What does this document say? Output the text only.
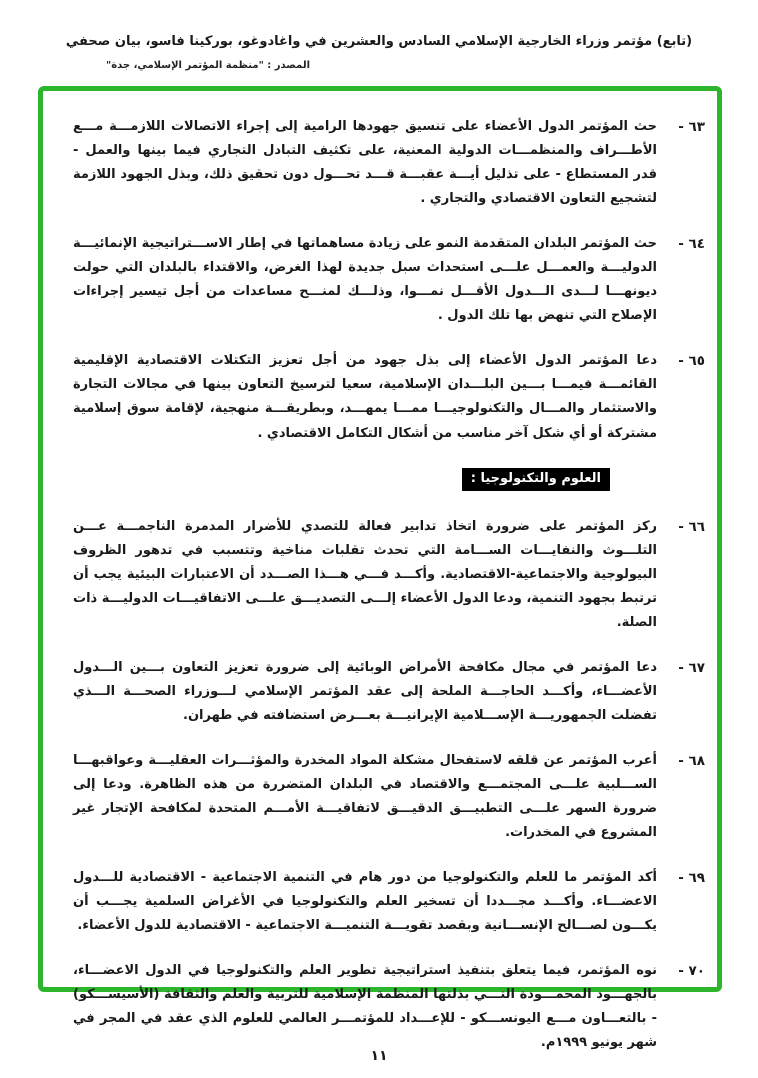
(تابع) مؤتمر وزراء الخارجية الإسلامي السادس والعشرين في واغادوغو، بوركينا فاسو، بيان صحفي
المصدر : "منظمة المؤتمر الإسلامي، جدة"
٦٣ -
حث المؤتمر الدول الأعضاء على تنسيق جهودها الرامية إلى إجراء الاتصالات اللازمـــة مـــع الأطـــراف والمنظمـــات الدولية المعنية، على تكثيف التبادل التجاري فيما بينها والعمل - قدر المستطاع - على تذليل أيـــة عقبـــة قـــد تحـــول دون تحقيق ذلك، وبذل الجهود اللازمة لتشجيع التعاون الاقتصادي والتجاري .
٦٤ -
حث المؤتمر البلدان المتقدمة النمو على زيادة مساهماتها في إطار الاســـتراتيجية الإنمائيـــة الدوليـــة والعمـــل علـــى استحداث سبل جديدة لهذا الغرض، والاقتداء بالبلدان التي حولت ديونهـــا لـــدى الـــدول الأقـــل نمـــوا، وذلـــك لمنـــح مساعدات من أجل تيسير إجراءات الإصلاح التي تنهض بها تلك الدول .
٦٥ -
دعا المؤتمر الدول الأعضاء إلى بذل جهود من أجل تعزيز التكتلات الاقتصادية الإقليمية القائمـــة فيمـــا بـــين البلـــدان الإسلامية، سعيا لترسيخ التعاون بينها في مجالات التجارة والاستثمار والمـــال والتكنولوجيـــا ممـــا يمهـــد، وبطريقـــة منهجية، لإقامة سوق إسلامية مشتركة أو أي شكل آخر مناسب من أشكال التكامل الاقتصادي .
العلوم والتكنولوجيا :
٦٦ -
ركز المؤتمر على ضرورة اتخاذ تدابير فعالة للتصدي للأضرار المدمرة الناجمـــة عـــن التلـــوث والنفايـــات الســـامة التي تحدث تقلبات مناخية وتتسبب في تدهور الظروف البيولوجية والاجتماعية-الاقتصادية. وأكـــد فـــي هـــذا الصـــدد أن الاعتبارات البيئية يجب أن ترتبط بجهود التنمية، ودعا الدول الأعضاء إلـــى التصديـــق علـــى الاتفاقيـــات الدوليـــة ذات الصلة.
٦٧ -
دعا المؤتمر في مجال مكافحة الأمراض الوبائية إلى ضرورة تعزيز التعاون بـــين الـــدول الأعضـــاء، وأكـــد الحاجـــة الملحة إلى عقد المؤتمر الإسلامي لـــوزراء الصحـــة الـــذي تفضلت الجمهوريـــة الإســـلامية الإيرانيـــة بعـــرض استضافته في طهران.
٦٨ -
أعرب المؤتمر عن قلقه لاستفحال مشكلة المواد المخدرة والمؤثـــرات العقليـــة وعواقبهـــا الســـلبية علـــى المجتمـــع والاقتصاد في البلدان المتضررة من هذه الظاهرة. ودعا إلى ضرورة السهر علـــى التطبيـــق الدقيـــق لاتفاقيـــة الأمـــم المتحدة لمكافحة الإتجار غير المشروع في المخدرات.
٦٩ -
أكد المؤتمر ما للعلم والتكنولوجيا من دور هام في التنمية الاجتماعية - الاقتصادية للـــدول الاعضـــاء. وأكـــد مجـــددا أن تسخير العلم والتكنولوجيا في الأغراض السلمية يجـــب أن يكـــون لصـــالح الإنســـانية وبقصد تقويـــة التنميـــة الاجتماعية - الاقتصادية للدول الأعضاء.
٧٠ -
نوه المؤتمر، فيما يتعلق بتنفيذ استراتيجية تطوير العلم والتكنولوجيا في الدول الاعضـــاء، بالجهـــود المحمـــودة التـــي بذلتها المنظمة الإسلامية للتربية والعلم والثقافة (الأسيســـكو) - بالتعـــاون مـــع اليونســـكو - للإعـــداد للمؤتمـــر العالمي للعلوم الذي عقد في المجر في شهر يونيو ١٩٩٩م.
١١
